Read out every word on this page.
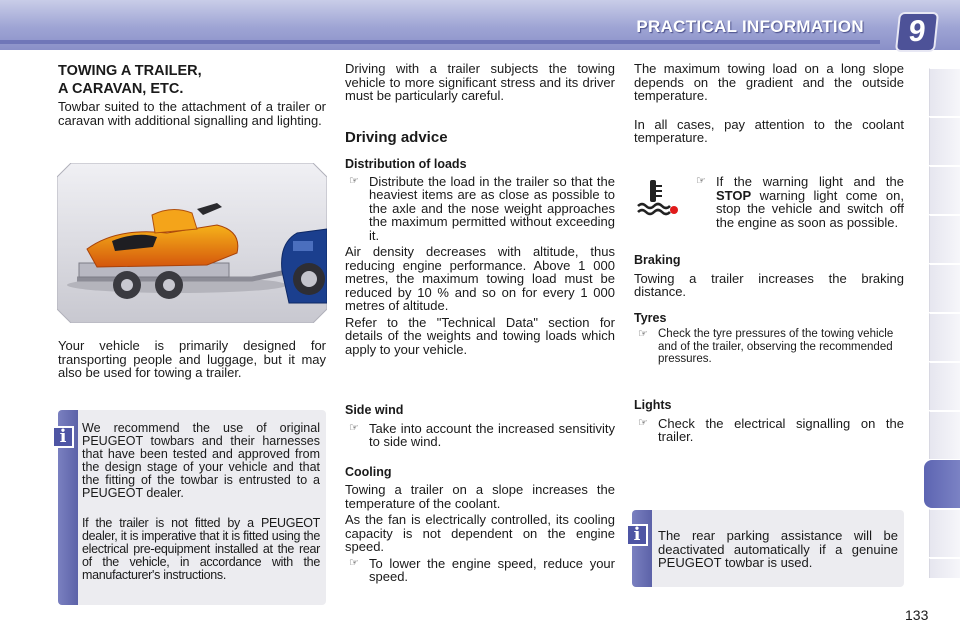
PRACTICAL INFORMATION	9
TOWING A TRAILER,
A CARAVAN, ETC.
Towbar suited to the attachment of a trailer or caravan with additional signalling and lighting.
Your vehicle is primarily designed for transporting people and luggage, but it may also be used for towing a trailer.
We recommend the use of original PEUGEOT towbars and their harnesses that have been tested and approved from the design stage of your vehicle and that the fitting of the towbar is entrusted to a PEUGEOT dealer.
If the trailer is not fitted by a PEUGEOT dealer, it is imperative that it is fitted using the electrical pre-equipment installed at the rear of the vehicle, in accordance with the manufacturer's instructions.
i
Driving with a trailer subjects the towing vehicle to more significant stress and its driver must be particularly careful.
Driving advice
Distribution of loads
☞ Distribute the load in the trailer so that the heaviest items are as close as possible to the axle and the nose weight approaches the maximum permitted without exceeding it.
Air density decreases with altitude, thus reducing engine performance. Above 1 000 metres, the maximum towing load must be reduced by 10 % and so on for every 1 000 metres of altitude.
Refer to the "Technical Data" section for details of the weights and towing loads which apply to your vehicle.
Side wind
☞ Take into account the increased sensitivity to side wind.
Cooling
Towing a trailer on a slope increases the temperature of the coolant.
As the fan is electrically controlled, its cooling capacity is not dependent on the engine speed.
☞ To lower the engine speed, reduce your speed.
The maximum towing load on a long slope depends on the gradient and the outside temperature.
In all cases, pay attention to the coolant temperature.
☞ If the warning light and the STOP warning light come on, stop the vehicle and switch off the engine as soon as possible.
Braking
Towing a trailer increases the braking distance.
Tyres
☞ Check the tyre pressures of the towing vehicle and of the trailer, observing the recommended pressures.
Lights
☞ Check the electrical signalling on the trailer.
The rear parking assistance will be deactivated automatically if a genuine PEUGEOT towbar is used.
i
133
